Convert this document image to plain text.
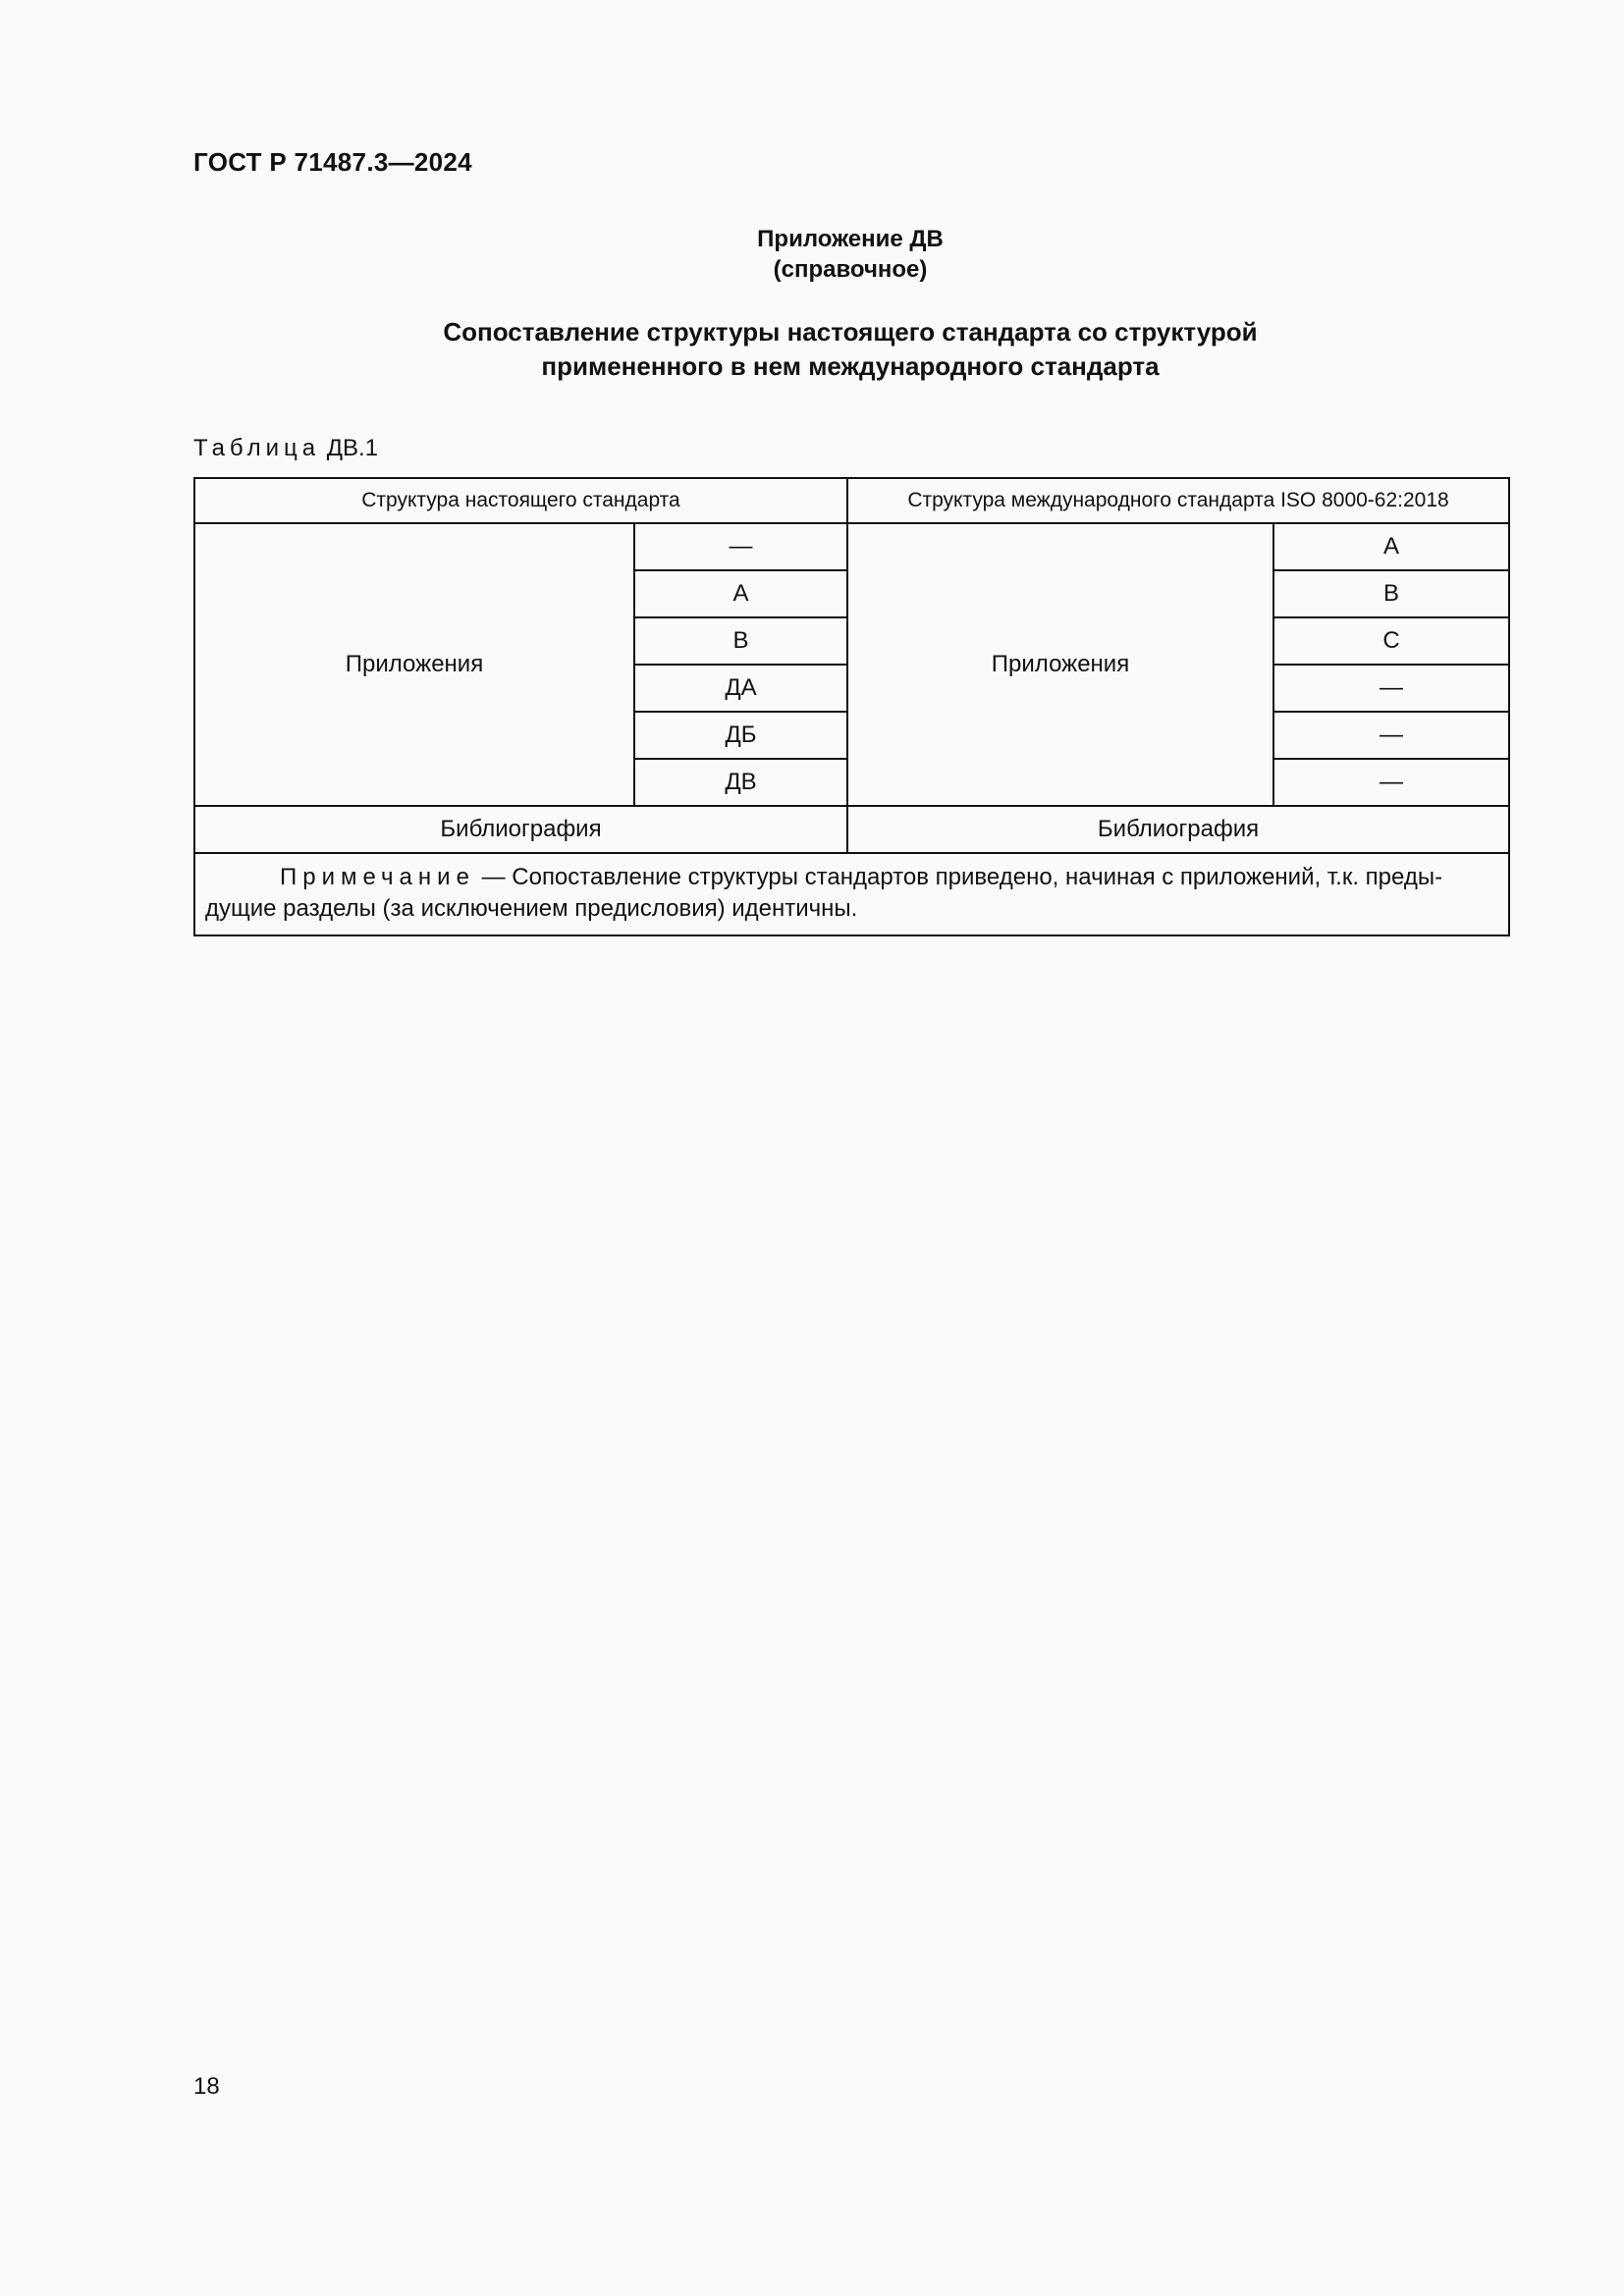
ГОСТ Р 71487.3—2024
Приложение ДВ
(справочное)
Сопоставление структуры настоящего стандарта со структурой
примененного в нем международного стандарта
Таблица ДВ.1
Структура настоящего стандарта		Структура международного стандарта ISO 8000-62:2018	
Приложения	—	Приложения	A
	А		B
	В		C
	ДА		—
	ДБ		—
	ДВ		—
Библиография		Библиография	
Примечание — Сопоставление структуры стандартов приведено, начиная с приложений, т.к. преды-дущие разделы (за исключением предисловия) идентичны.			
18
